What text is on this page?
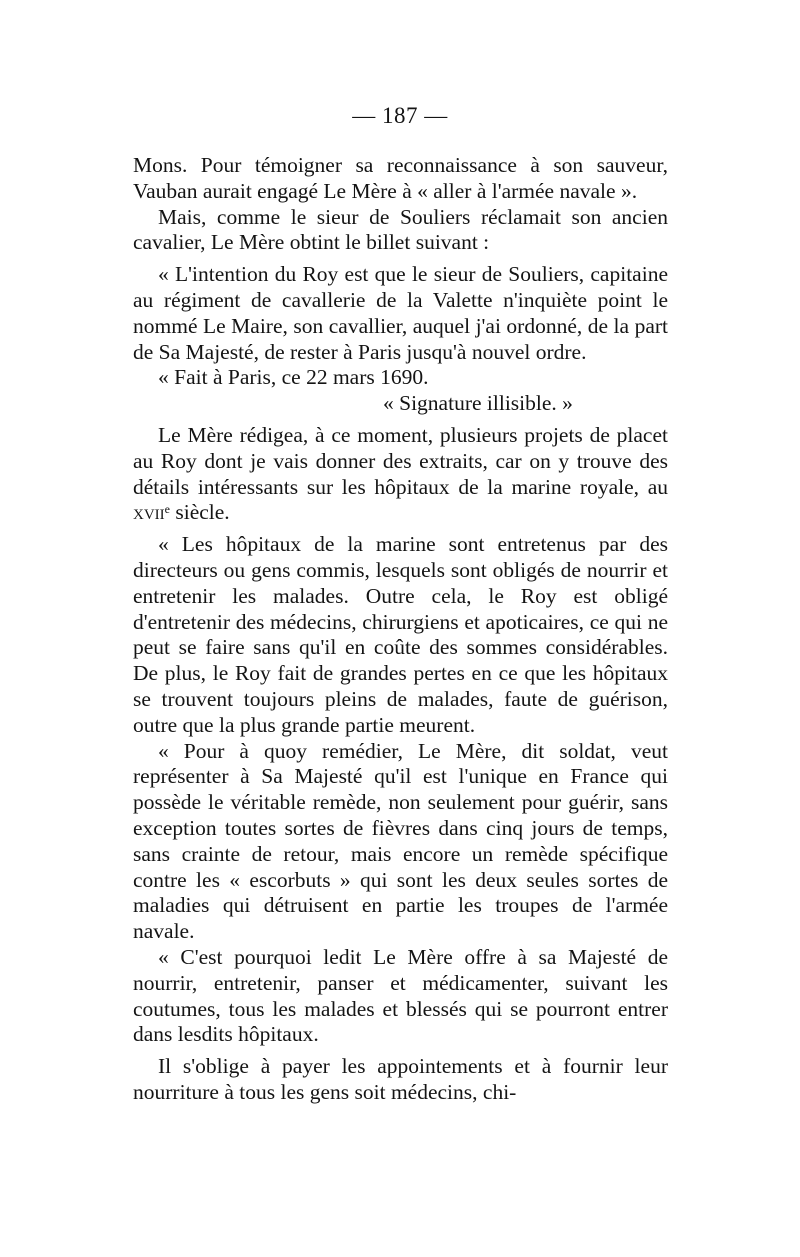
— 187 —

Mons. Pour témoigner sa reconnaissance à son sauveur, Vauban aurait engagé Le Mère à « aller à l'armée navale ».

Mais, comme le sieur de Souliers réclamait son ancien cavalier, Le Mère obtint le billet suivant :

« L'intention du Roy est que le sieur de Souliers, capitaine au régiment de cavallerie de la Valette n'inquiète point le nommé Le Maire, son cavallier, auquel j'ai ordonné, de la part de Sa Majesté, de rester à Paris jusqu'à nouvel ordre.

« Fait à Paris, ce 22 mars 1690.

« Signature illisible. »

Le Mère rédigea, à ce moment, plusieurs projets de placet au Roy dont je vais donner des extraits, car on y trouve des détails intéressants sur les hôpitaux de la marine royale, au xvii$^e$ siècle.

« Les hôpitaux de la marine sont entretenus par des directeurs ou gens commis, lesquels sont obligés de nourrir et entretenir les malades. Outre cela, le Roy est obligé d'entretenir des médecins, chirurgiens et apoticaires, ce qui ne peut se faire sans qu'il en coûte des sommes considérables. De plus, le Roy fait de grandes pertes en ce que les hôpitaux se trouvent toujours pleins de malades, faute de guérison, outre que la plus grande partie meurent.

« Pour à quoy remédier, Le Mère, dit soldat, veut représenter à Sa Majesté qu'il est l'unique en France qui possède le véritable remède, non seulement pour guérir, sans exception toutes sortes de fièvres dans cinq jours de temps, sans crainte de retour, mais encore un remède spécifique contre les « escorbuts » qui sont les deux seules sortes de maladies qui détruisent en partie les troupes de l'armée navale.

« C'est pourquoi ledit Le Mère offre à sa Majesté de nourrir, entretenir, panser et médicamenter, suivant les coutumes, tous les malades et blessés qui se pourront entrer dans lesdits hôpitaux.

Il s'oblige à payer les appointements et à fournir leur nourriture à tous les gens soit médecins, chi-
